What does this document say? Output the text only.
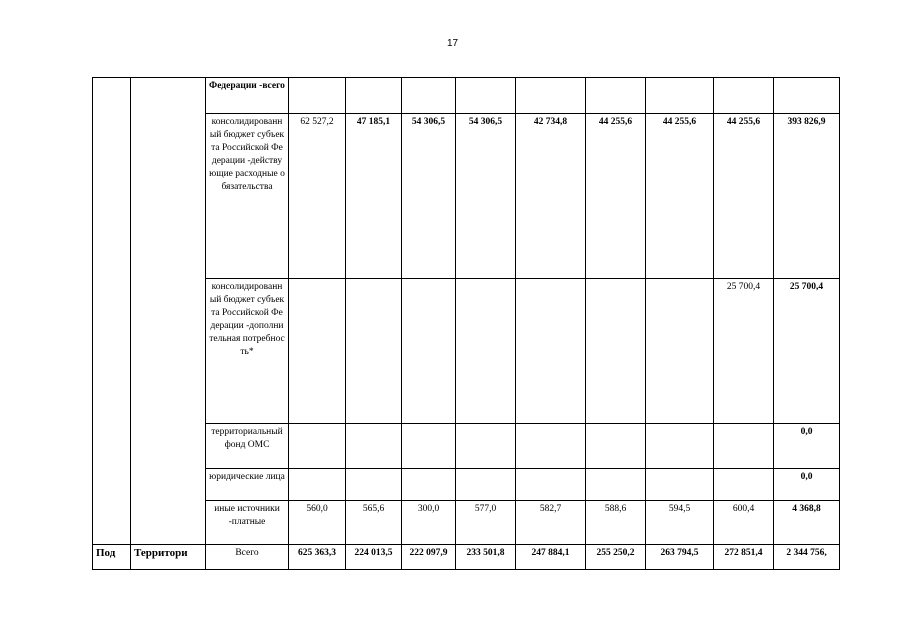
17
		Федерации -всего									
		консолидированный бюджет субъекта Российской Федерации -действующие расходные обязательства	62 527,2	47 185,1	54 306,5	54 306,5	42 734,8	44 255,6	44 255,6	44 255,6	393 826,9
		консолидированный бюджет субъекта Российской Федерации -дополнительная потребность*								25 700,4	25 700,4
		территориальный фонд ОМС									0,0
		юридические лица									0,0
		иные источники -платные	560,0	565,6	300,0	577,0	582,7	588,6	594,5	600,4	4 368,8
Под	Территори	Всего	625 363,3	224 013,5	222 097,9	233 501,8	247 884,1	255 250,2	263 794,5	272 851,4	2 344 756,
